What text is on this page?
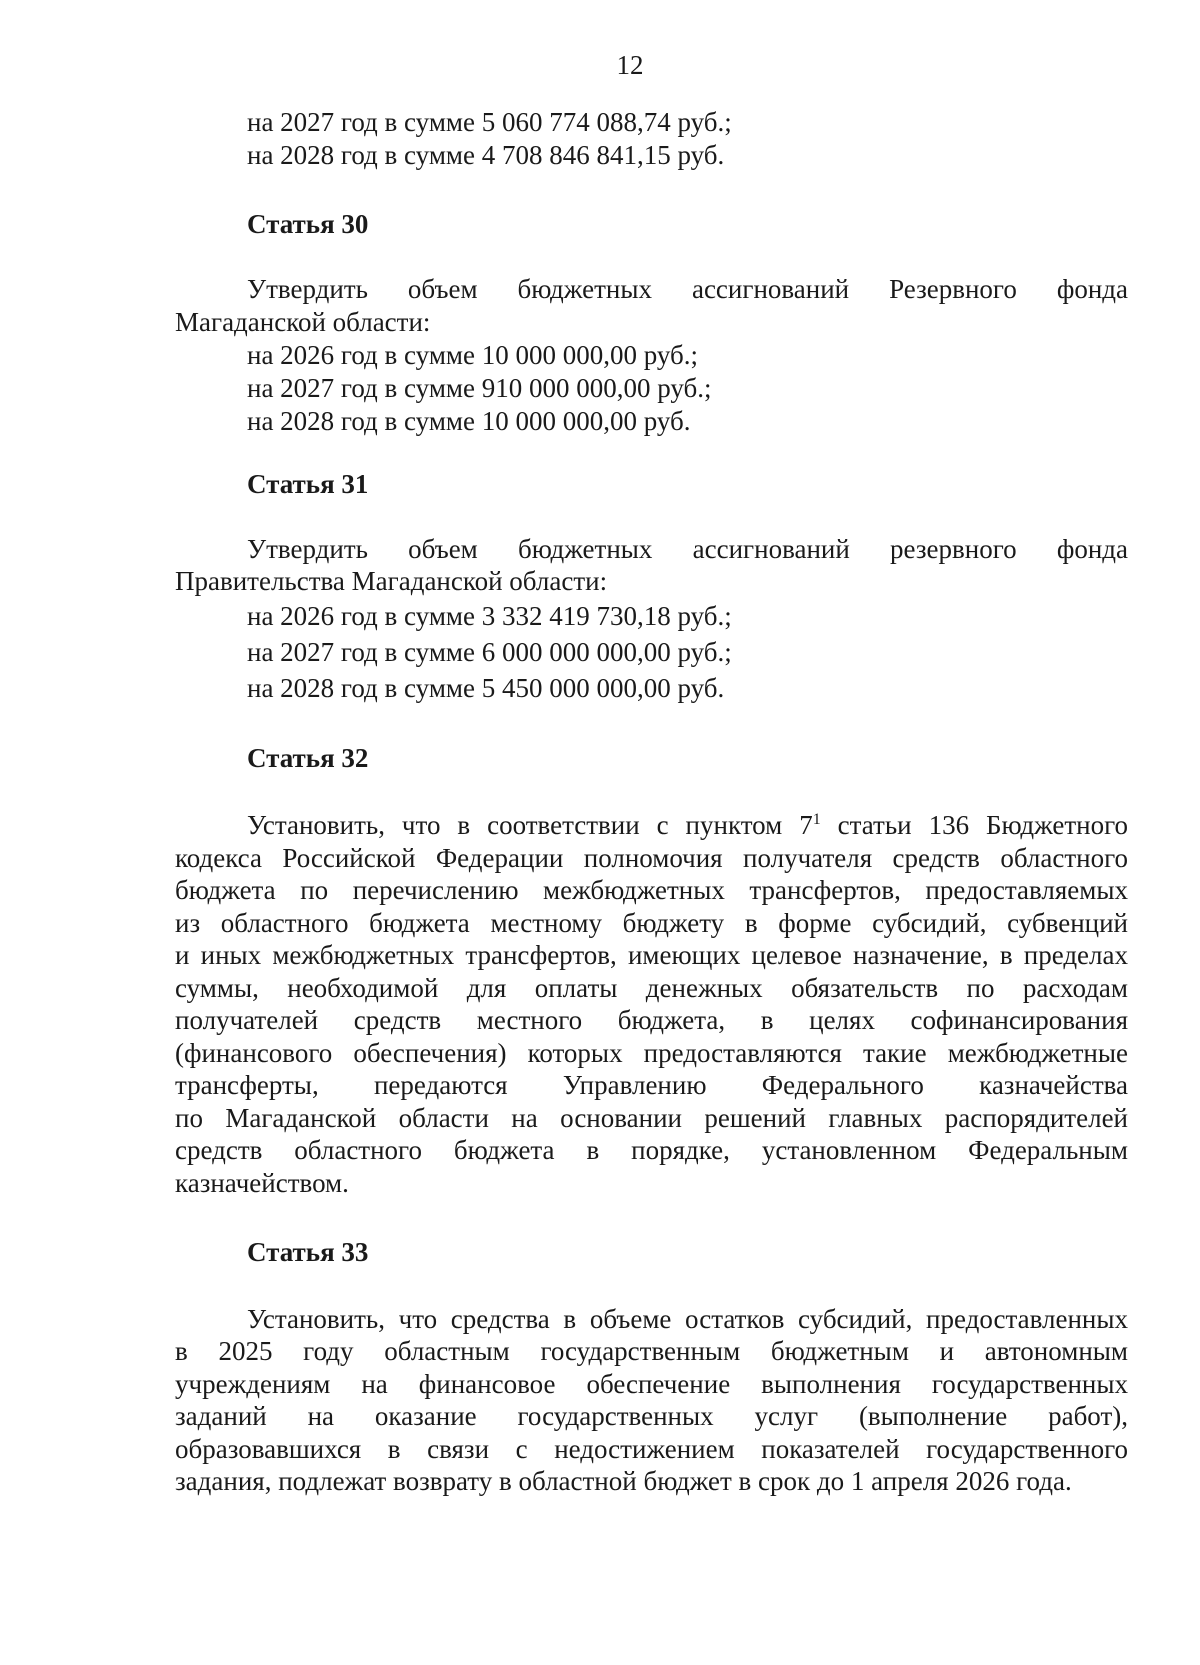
12
на 2027 год в сумме 5 060 774 088,74 руб.;
на 2028 год в сумме 4 708 846 841,15 руб.
Статья 30
Утвердить объем бюджетных ассигнований Резервного фонда
Магаданской области:
на 2026 год в сумме 10 000 000,00 руб.;
на 2027 год в сумме 910 000 000,00 руб.;
на 2028 год в сумме 10 000 000,00 руб.
Статья 31
Утвердить объем бюджетных ассигнований резервного фонда
Правительства Магаданской области:
на 2026 год в сумме 3 332 419 730,18 руб.;
на 2027 год в сумме 6 000 000 000,00 руб.;
на 2028 год в сумме 5 450 000 000,00 руб.
Статья 32
Установить, что в соответствии с пунктом $7^1$ статьи 136 Бюджетного
кодекса Российской Федерации полномочия получателя средств областного
бюджета по перечислению межбюджетных трансфертов, предоставляемых
из областного бюджета местному бюджету в форме субсидий, субвенций
и иных межбюджетных трансфертов, имеющих целевое назначение, в пределах
суммы, необходимой для оплаты денежных обязательств по расходам
получателей средств местного бюджета, в целях софинансирования
(финансового обеспечения) которых предоставляются такие межбюджетные
трансферты, передаются Управлению Федерального казначейства
по Магаданской области на основании решений главных распорядителей
средств областного бюджета в порядке, установленном Федеральным
казначейством.
Статья 33
Установить, что средства в объеме остатков субсидий, предоставленных
в 2025 году областным государственным бюджетным и автономным
учреждениям на финансовое обеспечение выполнения государственных
заданий на оказание государственных услуг (выполнение работ),
образовавшихся в связи с недостижением показателей государственного
задания, подлежат возврату в областной бюджет в срок до 1 апреля 2026 года.
